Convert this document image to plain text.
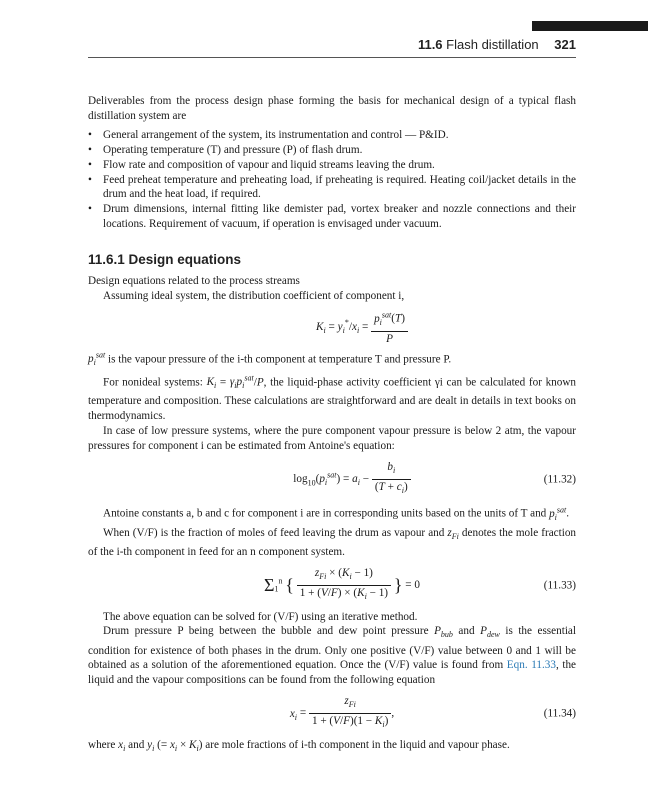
11.6 Flash distillation 321

Deliverables from the process design phase forming the basis for mechanical design of a typical flash distillation system are

• General arrangement of the system, its instrumentation and control — P&ID.
• Operating temperature (T) and pressure (P) of flash drum.
• Flow rate and composition of vapour and liquid streams leaving the drum.
• Feed preheat temperature and preheating load, if preheating is required. Heating coil/jacket details in the drum and the heat load, if required.
• Drum dimensions, internal fitting like demister pad, vortex breaker and nozzle connections and their locations. Requirement of vacuum, if operation is envisaged under vacuum.
11.6.1 Design equations

Design equations related to the process streams

Assuming ideal system, the distribution coefficient of component i,

$K_i = y_i^*/x_i = \frac{p_i^{sat}(T)}{P}$

$p_i^{sat}$ is the vapour pressure of the i-th component at temperature T and pressure P.

For nonideal systems: $K_i = \gamma_ip_i^{sat}/P$, the liquid-phase activity coefficient γi can be calculated for known temperature and composition. These calculations are straightforward and are dealt in details in text books on thermodynamics.

In case of low pressure systems, where the pure component vapour pressure is below 2 atm, the vapour pressures for component i can be estimated from Antoine's equation:

$\log_{10}(p_i^{sat}) = a_i - \frac{b_i}{(T + c_i)}$	(11.32)

Antoine constants a, b and c for component i are in corresponding units based on the units of T and $p_i^{sat}$.

When (V/F) is the fraction of moles of feed leaving the drum as vapour and $z_{Fi}$ denotes the mole fraction of the i-th component in feed for an n component system.

$\Sigma_1^n$ { $\frac{z_{Fi} \times (K_i - 1)}{1 + (V/F) \times (K_i - 1)}$ } = 0	(11.33)

The above equation can be solved for (V/F) using an iterative method.

Drum pressure P being between the bubble and dew point pressure $P_{bub}$ and $P_{dew}$ is the essential condition for existence of both phases in the drum. Only one positive (V/F) value between 0 and 1 will be obtained as a solution of the aforementioned equation. Once the (V/F) value is found from Eqn. 11.33, the liquid and the vapour compositions can be found from the following equation

$x_i = \frac{z_{Fi}}{1 + (V/F)(1 - K_i)}$ ,	(11.34)

where $x_i$ and $y_i$ (= $x_i \times K_i$) are mole fractions of i-th component in the liquid and vapour phase.
